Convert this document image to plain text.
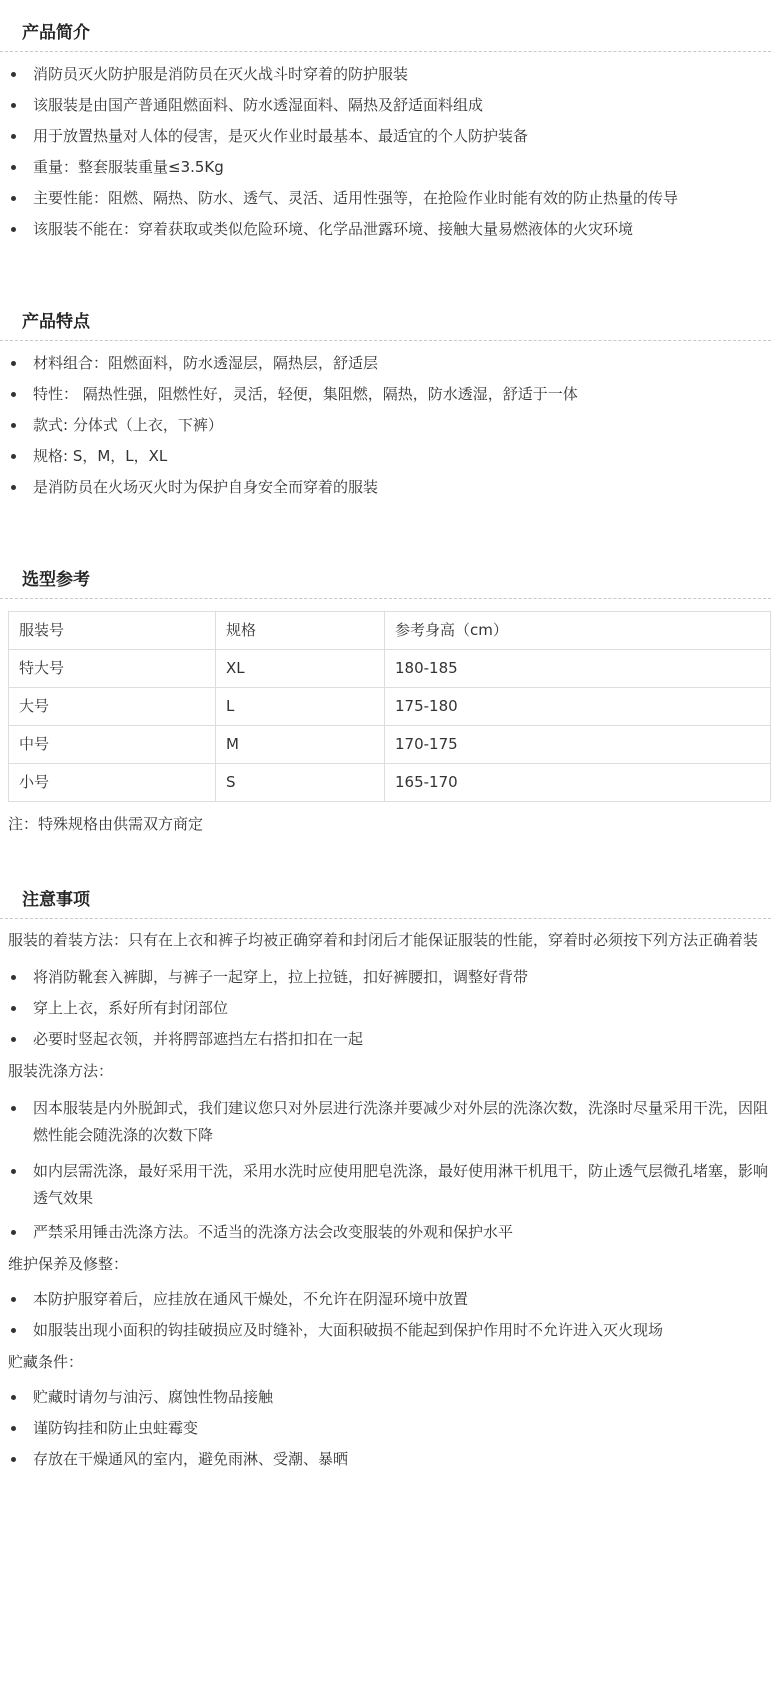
产品简介
消防员灭火防护服是消防员在灭火战斗时穿着的防护服装
该服装是由国产普通阻燃面料、防水透湿面料、隔热及舒适面料组成
用于放置热量对人体的侵害，是灭火作业时最基本、最适宜的个人防护装备
重量：整套服装重量≤3.5Kg
主要性能：阻燃、隔热、防水、透气、灵活、适用性强等，在抢险作业时能有效的防止热量的传导
该服装不能在：穿着获取或类似危险环境、化学品泄露环境、接触大量易燃液体的火灾环境
产品特点
材料组合：阻燃面料，防水透湿层，隔热层，舒适层
特性： 隔热性强，阻燃性好，灵活，轻便，集阻燃，隔热，防水透湿，舒适于一体
款式: 分体式（上衣，下裤）
规格: S，M，L，XL
是消防员在火场灭火时为保护自身安全而穿着的服装
选型参考
服装号	规格	参考身高（cm）
特大号	XL	180-185
大号	L	175-180
中号	M	170-175
小号	S	165-170
注：特殊规格由供需双方商定
注意事项
服装的着装方法：只有在上衣和裤子均被正确穿着和封闭后才能保证服装的性能，穿着时必须按下列方法正确着装
将消防靴套入裤脚，与裤子一起穿上，拉上拉链，扣好裤腰扣，调整好背带
穿上上衣，系好所有封闭部位
必要时竖起衣领，并将腭部遮挡左右搭扣扣在一起
服装洗涤方法：
因本服装是内外脱卸式，我们建议您只对外层进行洗涤并要减少对外层的洗涤次数，洗涤时尽量采用干洗，因阻燃性能会随洗涤的次数下降
如内层需洗涤，最好采用干洗，采用水洗时应使用肥皂洗涤，最好使用淋干机甩干，防止透气层微孔堵塞，影响透气效果
严禁采用锤击洗涤方法。不适当的洗涤方法会改变服装的外观和保护水平
维护保养及修整：
本防护服穿着后，应挂放在通风干燥处，不允许在阴湿环境中放置
如服装出现小面积的钩挂破损应及时缝补，大面积破损不能起到保护作用时不允许进入灭火现场
贮藏条件：
贮藏时请勿与油污、腐蚀性物品接触
谨防钩挂和防止虫蛀霉变
存放在干燥通风的室内，避免雨淋、受潮、暴晒
